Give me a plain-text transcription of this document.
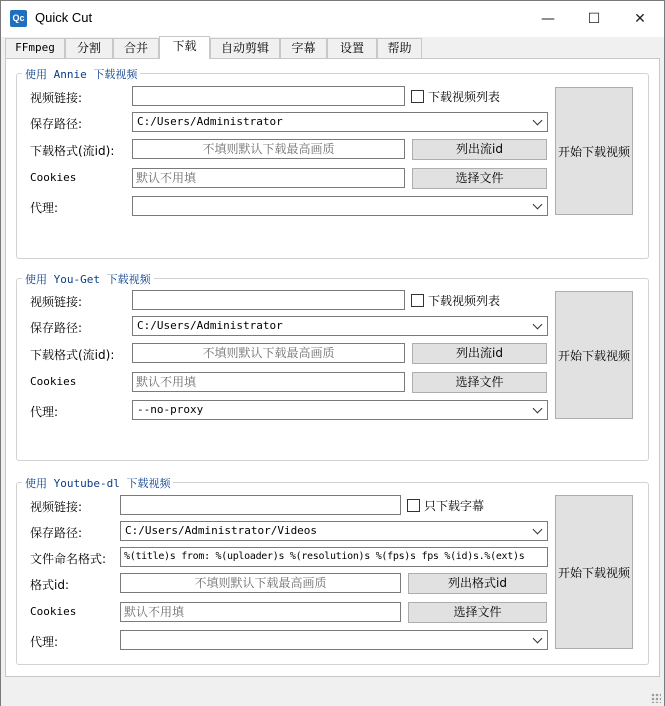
Qc Quick Cut	—	☐	✕
FFmpeg	分割	合并	下载	自动剪辑	字幕	设置	帮助
使用 Annie 下载视频
视频链接:	下载视频列表
开始下载视频
保存路径:	C:/Users/Administrator
下载格式(流id):	不填则默认下载最高画质	列出流id
Cookies	默认不用填	选择文件
代理:
使用 You-Get 下载视频
视频链接:	下载视频列表
开始下载视频
保存路径:	C:/Users/Administrator
下载格式(流id):	不填则默认下载最高画质	列出流id
Cookies	默认不用填	选择文件
代理:	--no-proxy
使用 Youtube-dl 下载视频
视频链接:	只下载字幕
开始下载视频
保存路径:	C:/Users/Administrator/Videos
文件命名格式:	%(title)s from: %(uploader)s %(resolution)s %(fps)s fps %(id)s.%(ext)s
格式id:	不填则默认下载最高画质	列出格式id
Cookies	默认不用填	选择文件
代理:
